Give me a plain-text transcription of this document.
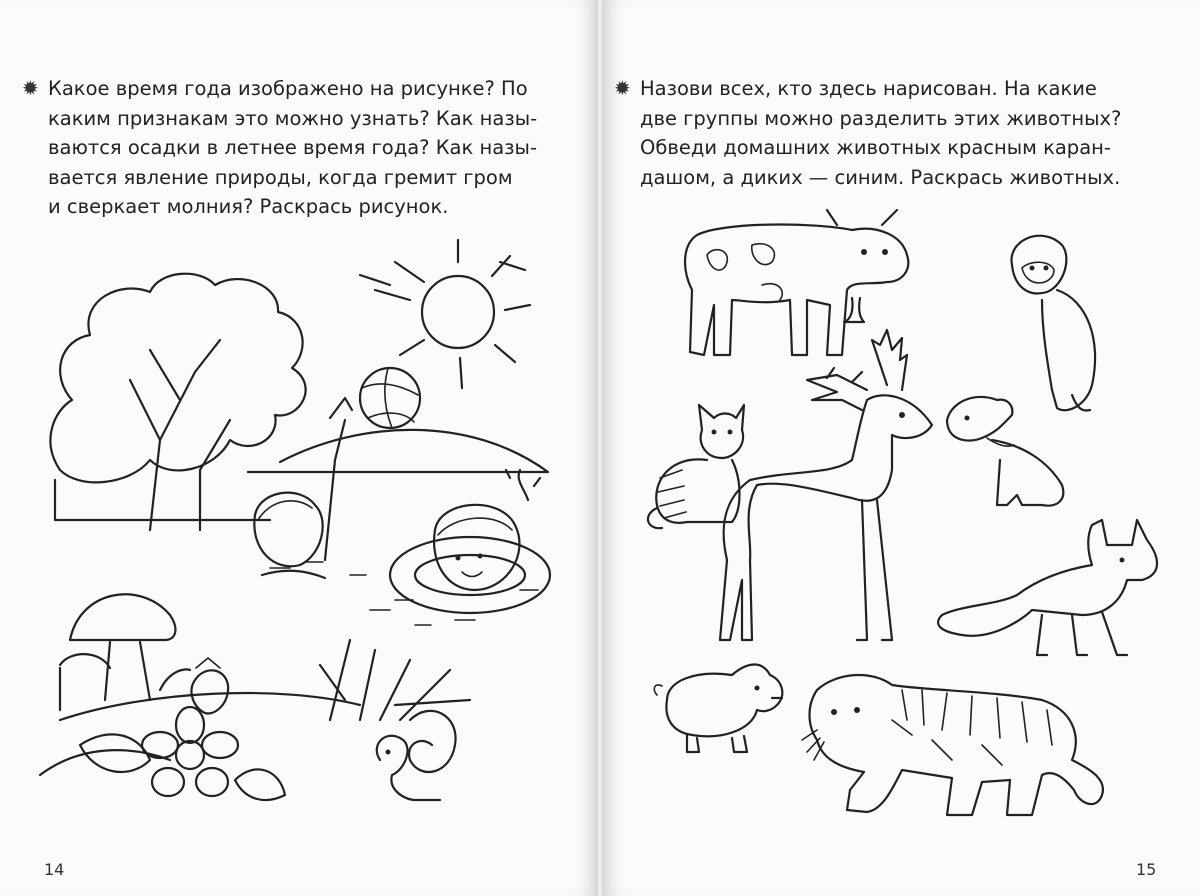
✹ Какое время года изображено на рисунке? По

каким признакам это можно узнать? Как назы-

ваются осадки в летнее время года? Как назы-

вается явление природы, когда гремит гром

и сверкает молния? Раскрась рисунок.

14
✹ Назови всех, кто здесь нарисован. На какие

две группы можно разделить этих животных?

Обведи домашних животных красным каран-

дашом, а диких — синим. Раскрась животных.

15
